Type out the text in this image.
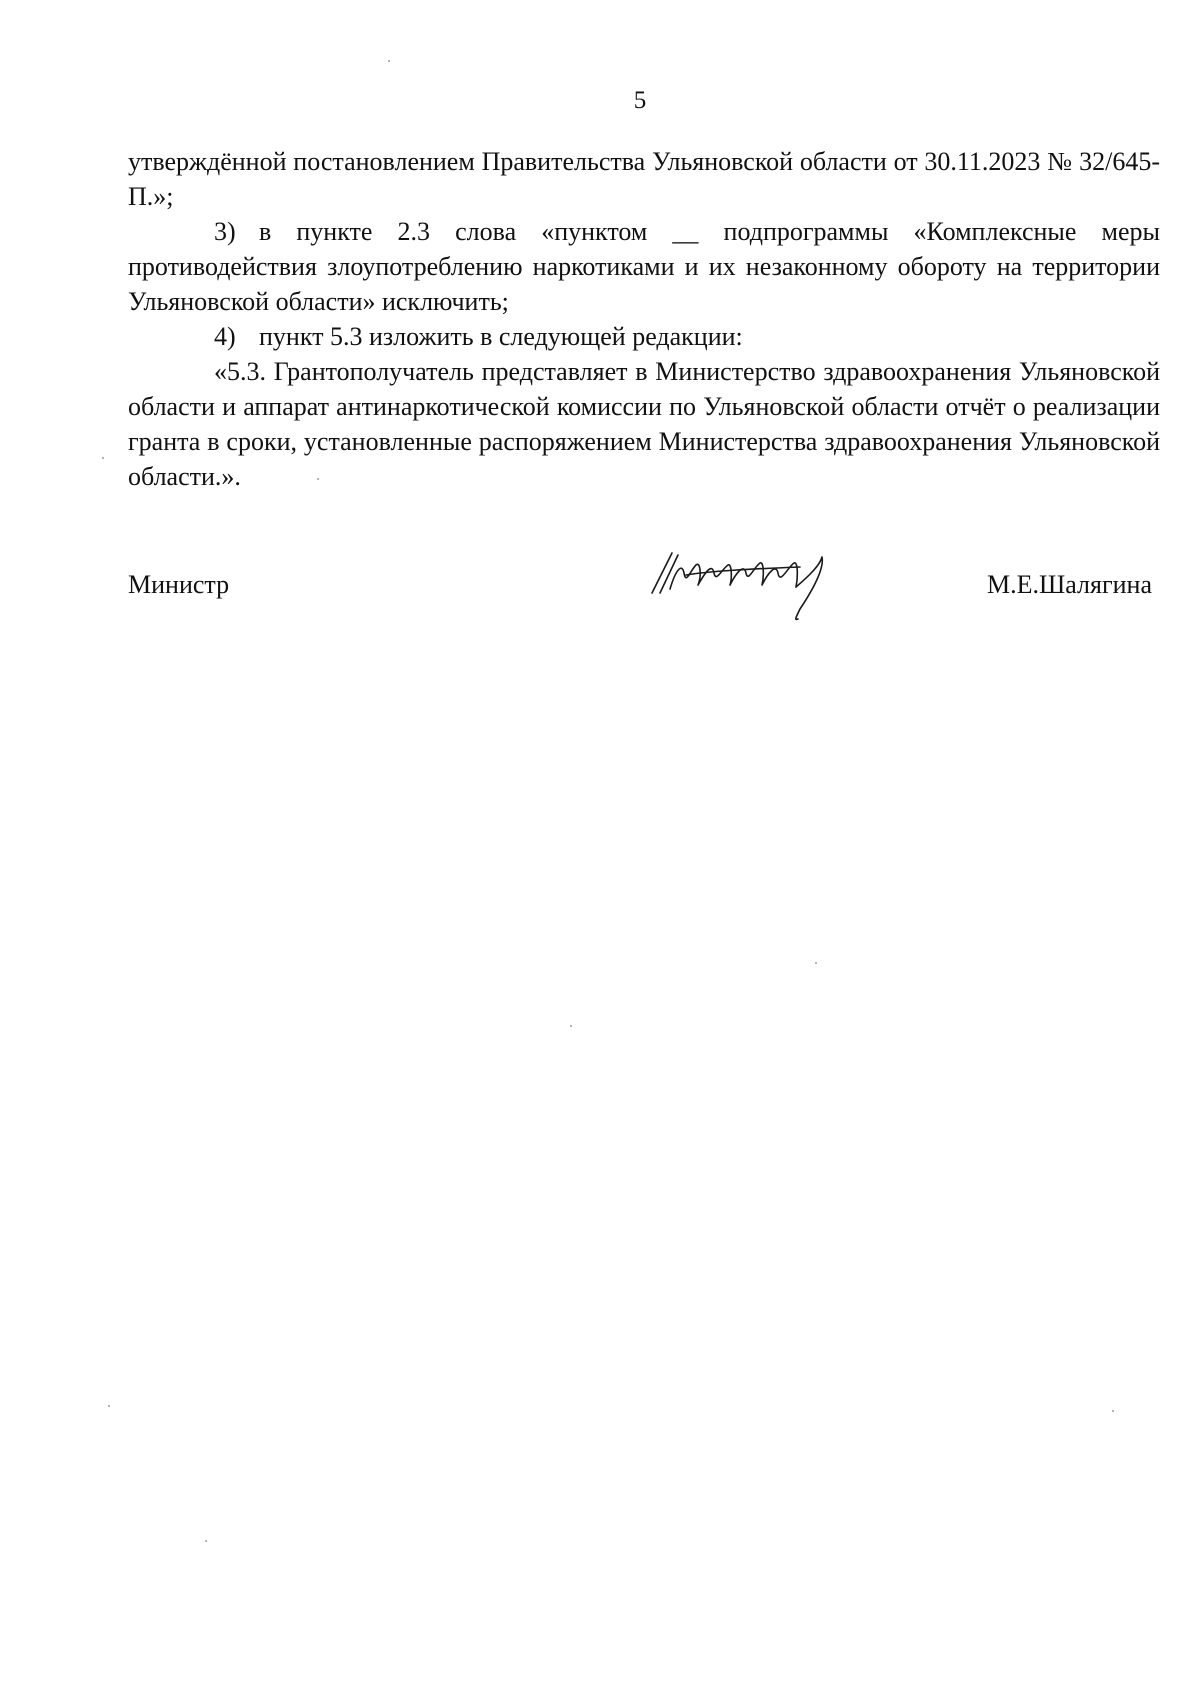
5

утверждённой постановлением Правительства Ульяновской области от 30.11.2023 № 32/645-П.»;

3) в пункте 2.3 слова «пунктом __ подпрограммы «Комплексные меры противодействия злоупотреблению наркотиками и их незаконному обороту на территории Ульяновской области» исключить;

4) пункт 5.3 изложить в следующей редакции:

«5.3. Грантополучатель представляет в Министерство здравоохранения Ульяновской области и аппарат антинаркотической комиссии по Ульяновской области отчёт о реализации гранта в сроки, установленные распоряжением Министерства здравоохранения Ульяновской области.».

Министр	М.Е.Шалягина
